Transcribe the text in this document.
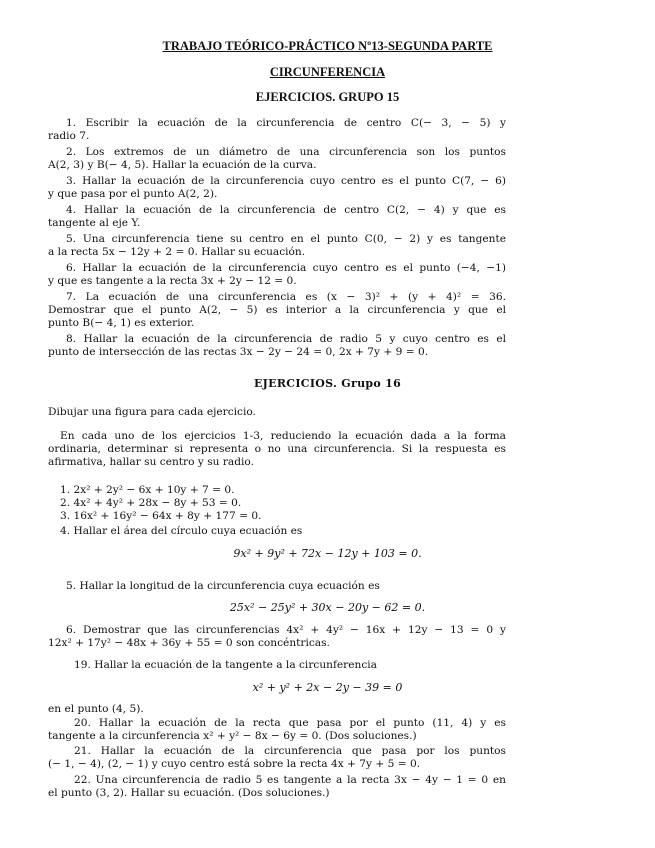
TRABAJO TEÓRICO-PRÁCTICO Nº13-SEGUNDA PARTE
CIRCUNFERENCIA
EJERCICIOS. GRUPO 15
1. Escribir la ecuación de la circunferencia de centro C(− 3, − 5) y
radio 7.
2. Los extremos de un diámetro de una circunferencia son los puntos
A(2, 3) y B(− 4, 5). Hallar la ecuación de la curva.
3. Hallar la ecuación de la circunferencia cuyo centro es el punto C(7, − 6)
y que pasa por el punto A(2, 2).
4. Hallar la ecuación de la circunferencia de centro C(2, − 4) y que es
tangente al eje Y.
5. Una circunferencia tiene su centro en el punto C(0, − 2) y es tangente
a la recta 5x − 12y + 2 = 0. Hallar su ecuación.
6. Hallar la ecuación de la circunferencia cuyo centro es el punto (−4, −1)
y que es tangente a la recta 3x + 2y − 12 = 0.
7. La ecuación de una circunferencia es (x − 3)² + (y + 4)² = 36.
Demostrar que el punto A(2, − 5) es interior a la circunferencia y que el
punto B(− 4, 1) es exterior.
8. Hallar la ecuación de la circunferencia de radio 5 y cuyo centro es el
punto de intersección de las rectas 3x − 2y − 24 = 0, 2x + 7y + 9 = 0.
EJERCICIOS. Grupo 16
Dibujar una figura para cada ejercicio.
En cada uno de los ejercicios 1-3, reduciendo la ecuación dada a la forma
ordinaria, determinar si representa o no una circunferencia. Si la respuesta es
afirmativa, hallar su centro y su radio.
1. 2x² + 2y² − 6x + 10y + 7 = 0.
2. 4x² + 4y² + 28x − 8y + 53 = 0.
3. 16x² + 16y² − 64x + 8y + 177 = 0.
4. Hallar el área del círculo cuya ecuación es
9x² + 9y² + 72x − 12y + 103 = 0.
5. Hallar la longitud de la circunferencia cuya ecuación es
25x² − 25y² + 30x − 20y − 62 = 0.
6. Demostrar que las circunferencias 4x² + 4y² − 16x + 12y − 13 = 0 y
12x² + 17y² − 48x + 36y + 55 = 0 son concéntricas.
19. Hallar la ecuación de la tangente a la circunferencia
x² + y² + 2x − 2y − 39 = 0
en el punto (4, 5).
20. Hallar la ecuación de la recta que pasa por el punto (11, 4) y es
tangente a la circunferencia x² + y² − 8x − 6y = 0. (Dos soluciones.)
21. Hallar la ecuación de la circunferencia que pasa por los puntos
(− 1, − 4), (2, − 1) y cuyo centro está sobre la recta 4x + 7y + 5 = 0.
22. Una circunferencia de radio 5 es tangente a la recta 3x − 4y − 1 = 0 en
el punto (3, 2). Hallar su ecuación. (Dos soluciones.)
